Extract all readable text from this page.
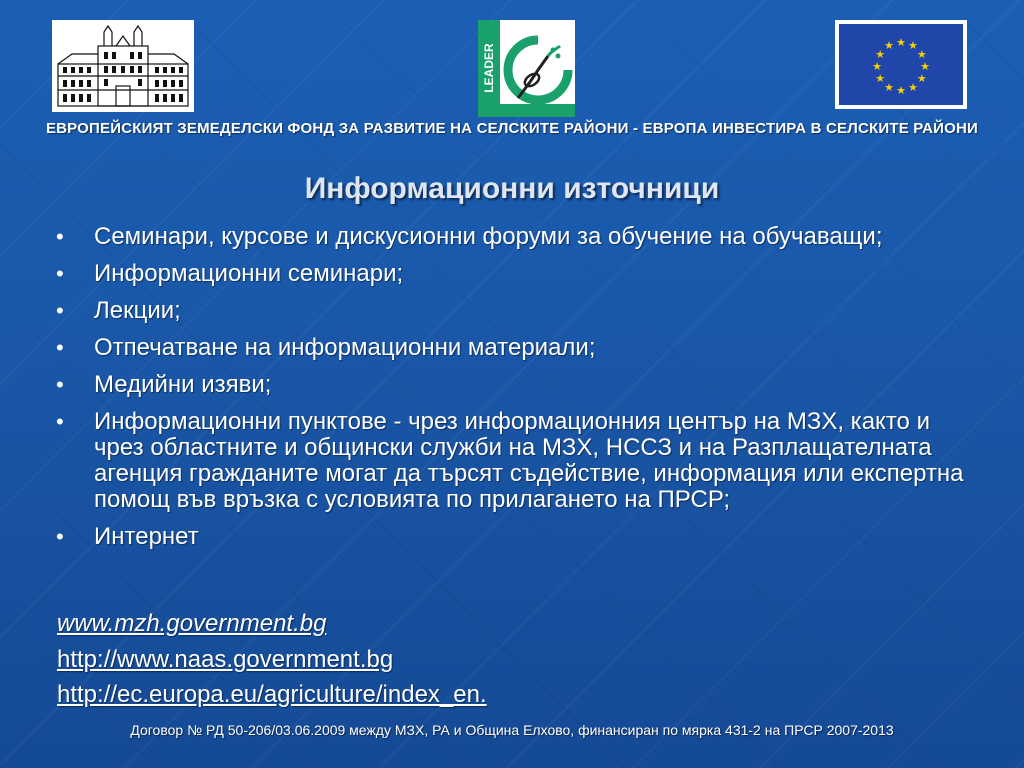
LEADER
★ ★
★
★
★
★
★
★
★
★
★
★
ЕВРОПЕЙСКИЯТ ЗЕМЕДЕЛСКИ ФОНД ЗА РАЗВИТИЕ НА СЕЛСКИТЕ РАЙОНИ - ЕВРОПА ИНВЕСТИРА В СЕЛСКИТЕ РАЙОНИ
Информационни източници
• Семинари, курсове и дискусионни форуми за обучение на обучаващи;
• Информационни семинари;
• Лекции;
• Отпечатване на информационни материали;
• Медийни изяви;
• Информационни пунктове - чрез информационния център на МЗХ, както и чрез областните и общински служби на МЗХ, НССЗ и на Разплащателната агенция гражданите могат да търсят съдействие, информация или експертна помощ във връзка с условията по прилагането на ПРСР;
• Интернет
www.mzh.government.bg
http://www.naas.government.bg
http://ec.europa.eu/agriculture/index_en.
Договор № РД 50-206/03.06.2009 между МЗХ, РА и Община Елхово, финансиран по мярка 431-2 на ПРСР 2007-2013
